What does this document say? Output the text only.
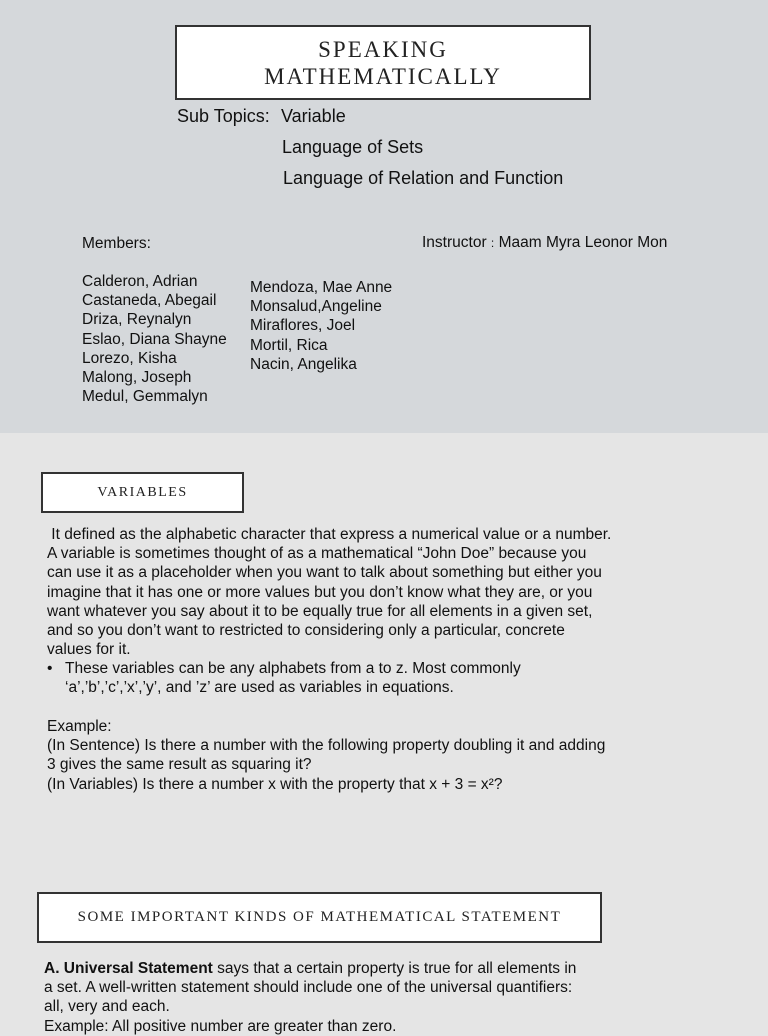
SPEAKING
MATHEMATICALLY
Sub Topics: Variable
Language of Sets
Language of Relation and Function
Members:	Instructor : Maam Myra Leonor Mon
Calderon, Adrian
Castaneda, Abegail
Driza, Reynalyn
Eslao, Diana Shayne
Lorezo, Kisha
Malong, Joseph
Medul, Gemmalyn
Mendoza, Mae Anne
Monsalud,Angeline
Miraflores, Joel
Mortil, Rica
Nacin, Angelika
VARIABLES
It defined as the alphabetic character that express a numerical value or a number.
A variable is sometimes thought of as a mathematical “John Doe” because you
can use it as a placeholder when you want to talk about something but either you
imagine that it has one or more values but you don’t know what they are, or you
want whatever you say about it to be equally true for all elements in a given set,
and so you don’t want to restricted to considering only a particular, concrete
values for it.
• These variables can be any alphabets from a to z. Most commonly
‘a’,’b’,’c’,’x’,’y’, and ’z’ are used as variables in equations.
Example:
(In Sentence) Is there a number with the following property doubling it and adding
3 gives the same result as squaring it?
(In Variables) Is there a number x with the property that x + 3 = x²?
SOME IMPORTANT KINDS OF MATHEMATICAL STATEMENT
A. Universal Statement says that a certain property is true for all elements in
a set. A well-written statement should include one of the universal quantifiers:
all, very and each.
Example: All positive number are greater than zero.
